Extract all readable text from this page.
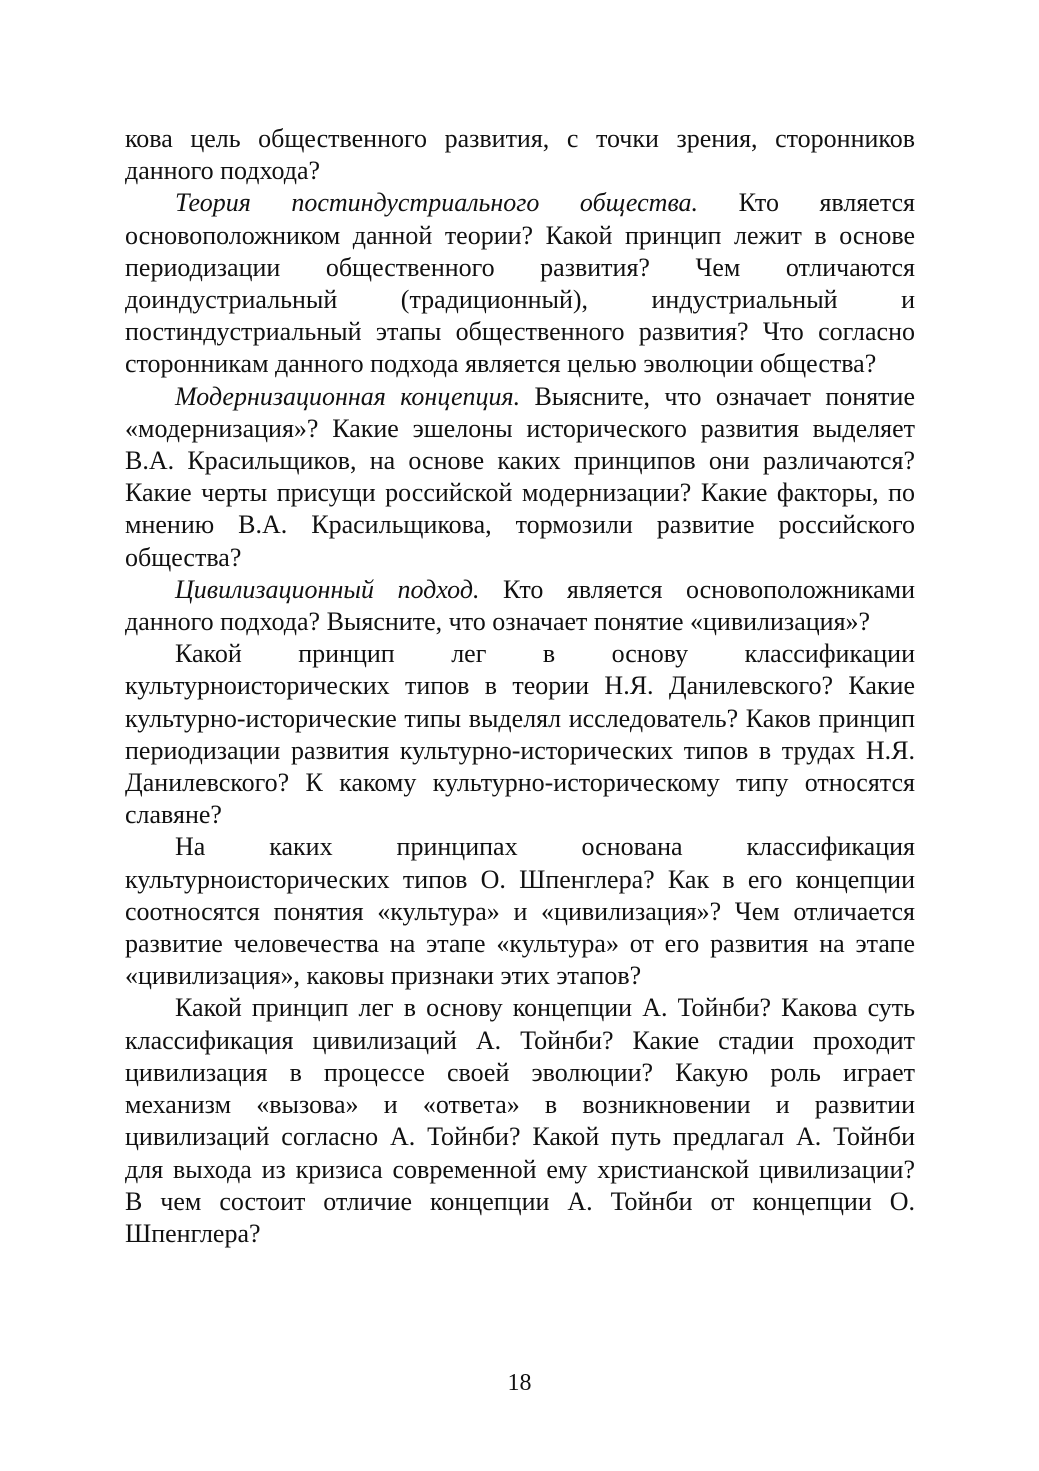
кова цель общественного развития, с точки зрения, сторонников данного подхода?

Теория постиндустриального общества. Кто является основоположником данной теории? Какой принцип лежит в основе периодизации общественного развития? Чем отличаются доиндустриальный (традиционный), индустриальный и постиндустриальный этапы общественного развития? Что согласно сторонникам данного подхода является целью эволюции общества?

Модернизационная концепция. Выясните, что означает понятие «модернизация»? Какие эшелоны исторического развития выделяет В.А. Красильщиков, на основе каких принципов они различаются? Какие черты присущи российской модернизации? Какие факторы, по мнению В.А. Красильщикова, тормозили развитие российского общества?

Цивилизационный подход. Кто является основоположниками данного подхода? Выясните, что означает понятие «цивилизация»?

Какой принцип лег в основу классификации культурноисторических типов в теории Н.Я. Данилевского? Какие культурно-исторические типы выделял исследователь? Каков принцип периодизации развития культурно-исторических типов в трудах Н.Я. Данилевского? К какому культурно-историческому типу относятся славяне?

На каких принципах основана классификация культурноисторических типов О. Шпенглера? Как в его концепции соотносятся понятия «культура» и «цивилизация»? Чем отличается развитие человечества на этапе «культура» от его развития на этапе «цивилизация», каковы признаки этих этапов?

Какой принцип лег в основу концепции А. Тойнби? Какова суть классификация цивилизаций А. Тойнби? Какие стадии проходит цивилизация в процессе своей эволюции? Какую роль играет механизм «вызова» и «ответа» в возникновении и развитии цивилизаций согласно А. Тойнби? Какой путь предлагал А. Тойнби для выхода из кризиса современной ему христианской цивилизации? В чем состоит отличие концепции А. Тойнби от концепции О. Шпенглера?

18
